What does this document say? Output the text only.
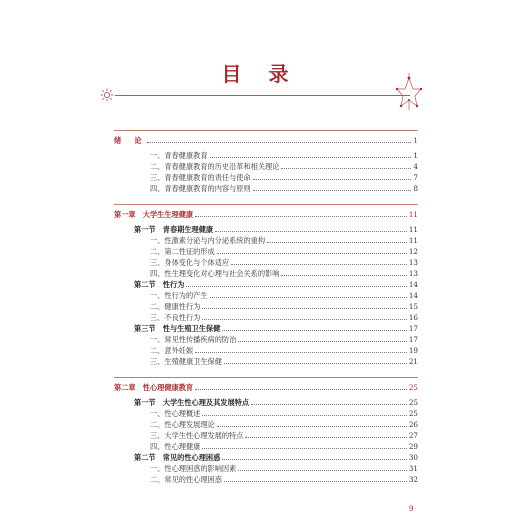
目 录
绪　论	1
一、青春健康教育	1
二、青春健康教育的历史沿革和相关理论	4
三、青春健康教育的责任与使命	7
四、青春健康教育的内容与原则	8
第一章　大学生生理健康	11
第一节　青春期生理健康	11
一、性激素分泌与内分泌系统的重构	11
二、第二性征的形成	12
三、身体变化与个体适应	13
四、性生理变化对心理与社会关系的影响	13
第二节　性行为	14
一、性行为的产生	14
二、健康性行为	15
三、不良性行为	16
第三节　性与生殖卫生保健	17
一、常见性传播疾病的防治	17
二、意外妊娠	19
三、生殖健康卫生保健	21
第二章　性心理健康教育	25
第一节　大学生性心理及其发展特点	25
一、性心理概述	25
二、性心理发展理论	26
三、大学生性心理发展的特点	27
四、性心理健康	29
第二节　常见的性心理困惑	30
一、性心理困惑的影响因素	31
二、常见的性心理困惑	32
9
